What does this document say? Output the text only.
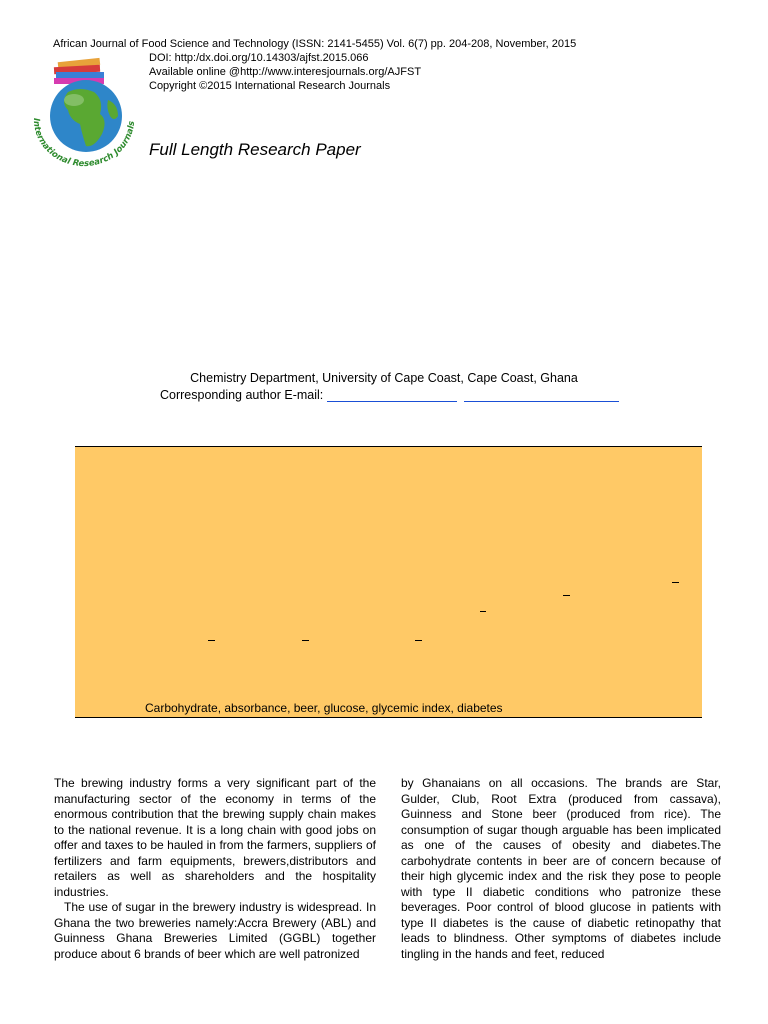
African Journal of Food Science and Technology (ISSN: 2141-5455) Vol. 6(7) pp. 204-208, November, 2015
DOI: http:/dx.doi.org/10.14303/ajfst.2015.066
Available online @http://www.interesjournals.org/AJFST
Copyright ©2015 International Research Journals
International Research Journals
Full Length Research Paper
Chemistry Department, University of Cape Coast, Cape Coast, Ghana
Corresponding author E-mail:
Carbohydrate, absorbance, beer, glucose, glycemic index, diabetes

The brewing industry forms a very significant part of the manufacturing sector of the economy in terms of the enormous contribution that the brewing supply chain makes to the national revenue. It is a long chain with good jobs on offer and taxes to be hauled in from the farmers, suppliers of fertilizers and farm equipments, brewers,distributors and retailers as well as shareholders and the hospitality industries.

The use of sugar in the brewery industry is widespread. In Ghana the two breweries namely:Accra Brewery (ABL) and Guinness Ghana Breweries Limited (GGBL) together produce about 6 brands of beer which are well patronized

by Ghanaians on all occasions. The brands are Star, Gulder, Club, Root Extra (produced from cassava), Guinness and Stone beer (produced from rice). The consumption of sugar though arguable has been implicated as one of the causes of obesity and diabetes.The carbohydrate contents in beer are of concern because of their high glycemic index and the risk they pose to people with type II diabetic conditions who patronize these beverages. Poor control of blood glucose in patients with type II diabetes is the cause of diabetic retinopathy that leads to blindness. Other symptoms of diabetes include tingling in the hands and feet, reduced
